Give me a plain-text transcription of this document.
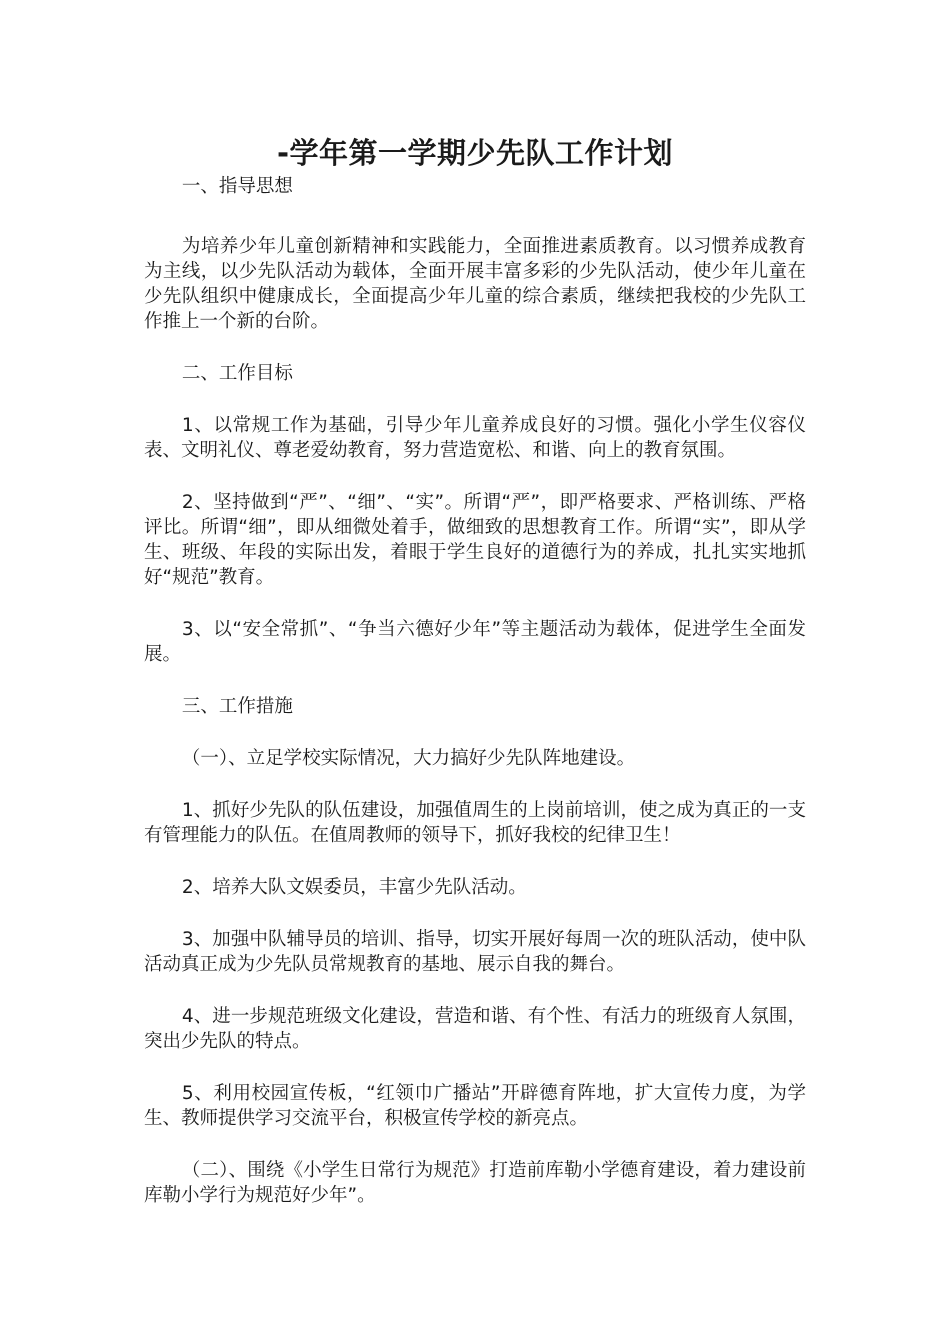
-学年第一学期少先队工作计划

一、指导思想

为培养少年儿童创新精神和实践能力，全面推进素质教育。以习惯养成教育为主线，以少先队活动为载体，全面开展丰富多彩的少先队活动，使少年儿童在少先队组织中健康成长，全面提高少年儿童的综合素质，继续把我校的少先队工作推上一个新的台阶。

二、工作目标

1、以常规工作为基础，引导少年儿童养成良好的习惯。强化小学生仪容仪表、文明礼仪、尊老爱幼教育，努力营造宽松、和谐、向上的教育氛围。

2、坚持做到“严”、“细”、“实”。所谓“严”，即严格要求、严格训练、严格评比。所谓“细”，即从细微处着手，做细致的思想教育工作。所谓“实”，即从学生、班级、年段的实际出发，着眼于学生良好的道德行为的养成，扎扎实实地抓好“规范”教育。

3、以“安全常抓”、“争当六德好少年”等主题活动为载体，促进学生全面发展。

三、工作措施

（一）、立足学校实际情况，大力搞好少先队阵地建设。

1、抓好少先队的队伍建设，加强值周生的上岗前培训，使之成为真正的一支有管理能力的队伍。在值周教师的领导下，抓好我校的纪律卫生！

2、培养大队文娱委员，丰富少先队活动。

3、加强中队辅导员的培训、指导，切实开展好每周一次的班队活动，使中队活动真正成为少先队员常规教育的基地、展示自我的舞台。

4、进一步规范班级文化建设，营造和谐、有个性、有活力的班级育人氛围，突出少先队的特点。

5、利用校园宣传板，“红领巾广播站”开辟德育阵地，扩大宣传力度，为学生、教师提供学习交流平台，积极宣传学校的新亮点。

（二）、围绕《小学生日常行为规范》打造前库勒小学德育建设，着力建设前库勒小学行为规范好少年”。
